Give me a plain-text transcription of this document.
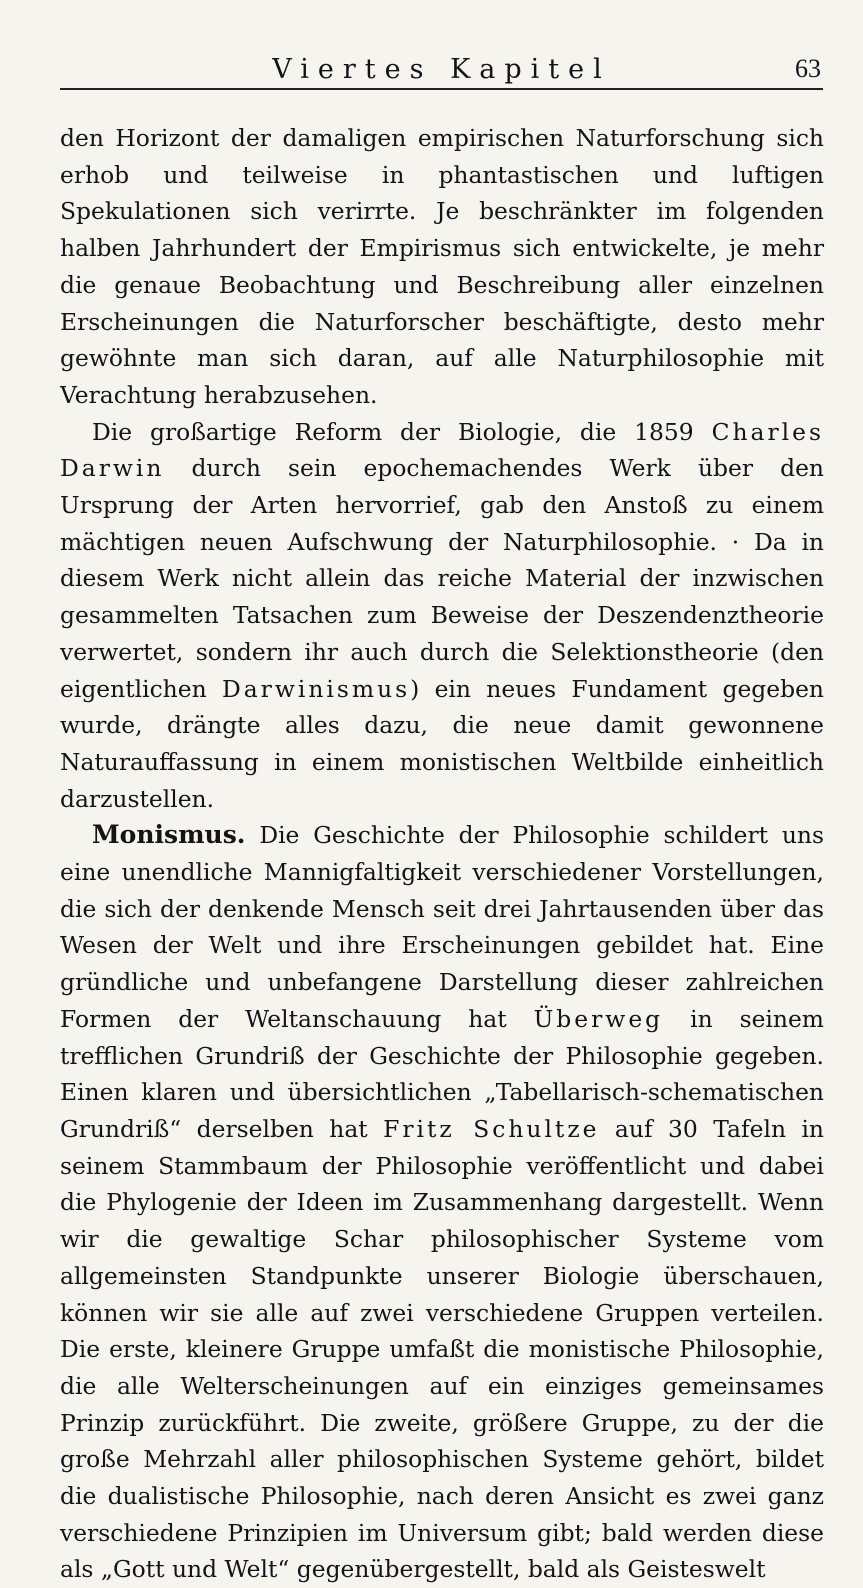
Viertes Kapitel	63

den Horizont der damaligen empirischen Naturforschung sich erhob und teilweise in phantastischen und luftigen Spekulationen sich verirrte. Je beschränkter im folgenden halben Jahrhundert der Empirismus sich entwickelte, je mehr die genaue Beobachtung und Beschreibung aller einzelnen Erscheinungen die Naturforscher beschäftigte, desto mehr gewöhnte man sich daran, auf alle Naturphilosophie mit Verachtung herabzusehen.

Die großartige Reform der Biologie, die 1859 Charles Darwin durch sein epochemachendes Werk über den Ursprung der Arten hervorrief, gab den Anstoß zu einem mächtigen neuen Aufschwung der Naturphilosophie. · Da in diesem Werk nicht allein das reiche Material der inzwischen gesammelten Tatsachen zum Beweise der Deszendenztheorie verwertet, sondern ihr auch durch die Selektionstheorie (den eigentlichen Darwinismus) ein neues Fundament gegeben wurde, drängte alles dazu, die neue damit gewonnene Naturauffassung in einem monistischen Weltbilde einheitlich darzustellen.

Monismus. Die Geschichte der Philosophie schildert uns eine unendliche Mannigfaltigkeit verschiedener Vorstellungen, die sich der denkende Mensch seit drei Jahrtausenden über das Wesen der Welt und ihre Erscheinungen gebildet hat. Eine gründliche und unbefangene Darstellung dieser zahlreichen Formen der Weltanschauung hat Überweg in seinem trefflichen Grundriß der Geschichte der Philosophie gegeben. Einen klaren und übersichtlichen „Tabellarisch-schematischen Grundriß“ derselben hat Fritz Schultze auf 30 Tafeln in seinem Stammbaum der Philosophie veröffentlicht und dabei die Phylogenie der Ideen im Zusammenhang dargestellt. Wenn wir die gewaltige Schar philosophischer Systeme vom allgemeinsten Standpunkte unserer Biologie überschauen, können wir sie alle auf zwei verschiedene Gruppen verteilen. Die erste, kleinere Gruppe umfaßt die monistische Philosophie, die alle Welterscheinungen auf ein einziges gemeinsames Prinzip zurückführt. Die zweite, größere Gruppe, zu der die große Mehrzahl aller philosophischen Systeme gehört, bildet die dualistische Philosophie, nach deren Ansicht es zwei ganz verschiedene Prinzipien im Universum gibt; bald werden diese als „Gott und Welt“ gegenübergestellt, bald als Geisteswelt
